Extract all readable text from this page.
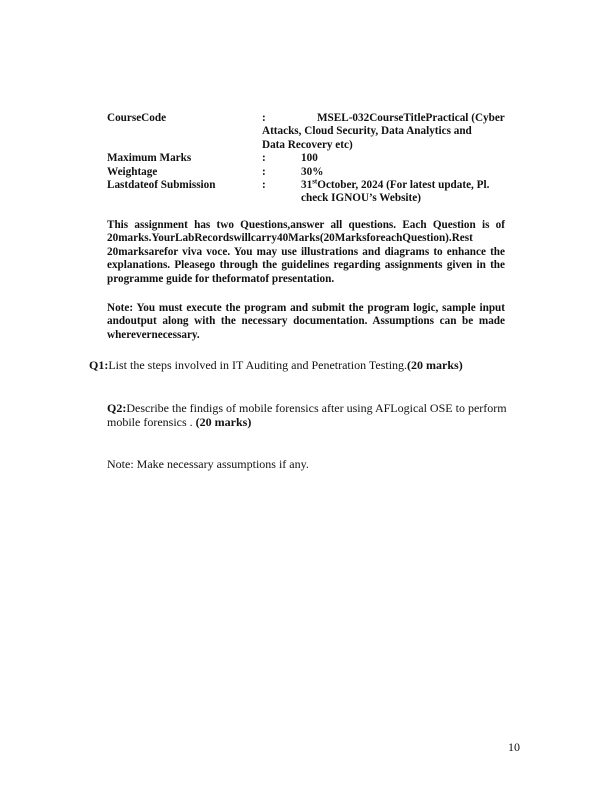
CourseCode	:	MSEL-032CourseTitlePractical (Cyber
Attacks, Cloud Security, Data Analytics and
Data Recovery etc)
Maximum Marks	:	100
Weightage	:	30%
Lastdateof Submission	:	31stOctober, 2024 (For latest update, Pl.
check IGNOU’s Website)

This assignment has two Questions,answer all questions. Each Question is of 20marks.YourLabRecordswillcarry40Marks(20MarksforeachQuestion).Rest 20marksarefor viva voce. You may use illustrations and diagrams to enhance the explanations. Pleasego through the guidelines regarding assignments given in the programme guide for theformatof presentation.

Note: You must execute the program and submit the program logic, sample input andoutput along with the necessary documentation. Assumptions can be made wherevernecessary.

Q1:List the steps involved in IT Auditing and Penetration Testing.(20 marks)
Q2:Describe the findigs of mobile forensics after using AFLogical OSE to perform mobile forensics . (20 marks)
Note: Make necessary assumptions if any.
10
